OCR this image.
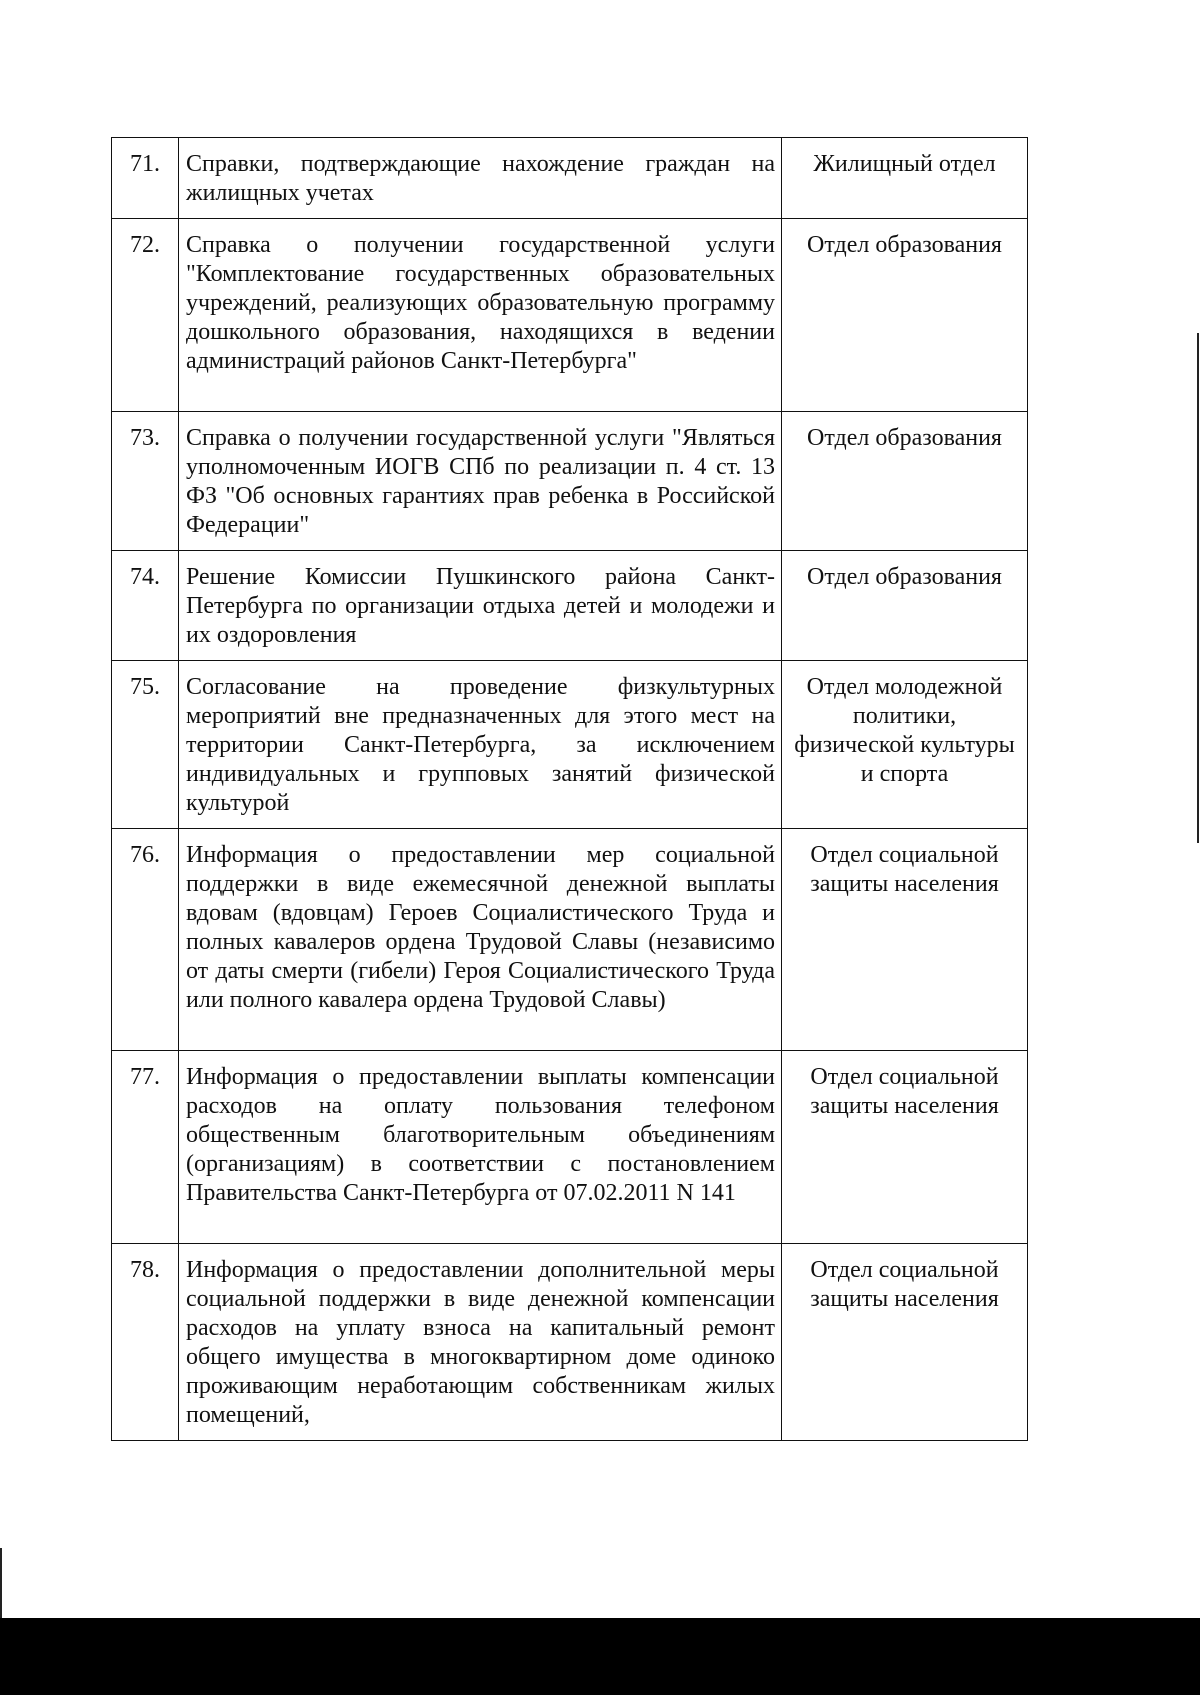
71.	Справки, подтверждающие нахождение граждан на жилищных учетах	Жилищный отдел
72.	Справка о получении государственной услуги "Комплектование государственных образовательных учреждений, реализующих образовательную программу дошкольного образования, находящихся в ведении администраций районов Санкт-Петербурга"	Отдел образования
73.	Справка о получении государственной услуги "Являться уполномоченным ИОГВ СПб по реализации п. 4 ст. 13 ФЗ "Об основных гарантиях прав ребенка в Российской Федерации"	Отдел образования
74.	Решение Комиссии Пушкинского района Санкт-Петербурга по организации отдыха детей и молодежи и их оздоровления	Отдел образования
75.	Согласование на проведение физкультурных мероприятий вне предназначенных для этого мест на территории Санкт-Петербурга, за исключением индивидуальных и групповых занятий физической культурой	Отдел молодежной политики, физической культуры и спорта
76.	Информация о предоставлении мер социальной поддержки в виде ежемесячной денежной выплаты вдовам (вдовцам) Героев Социалистического Труда и полных кавалеров ордена Трудовой Славы (независимо от даты смерти (гибели) Героя Социалистического Труда или полного кавалера ордена Трудовой Славы)	Отдел социальной защиты населения
77.	Информация о предоставлении выплаты компенсации расходов на оплату пользования телефоном общественным благотворительным объединениям (организациям) в соответствии с постановлением Правительства Санкт-Петербурга от 07.02.2011 N 141	Отдел социальной защиты населения
78.	Информация о предоставлении дополнительной меры социальной поддержки в виде денежной компенсации расходов на уплату взноса на капитальный ремонт общего имущества в многоквартирном доме одиноко проживающим неработающим собственникам жилых помещений,	Отдел социальной защиты населения
